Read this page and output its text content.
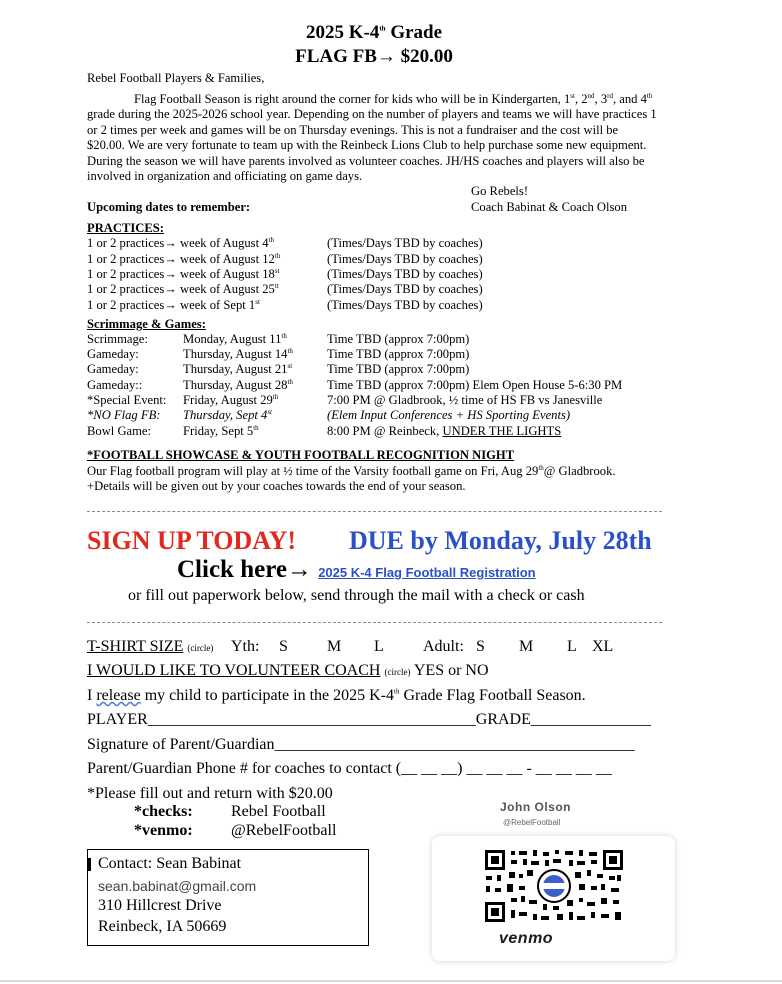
2025 K-4th Grade
FLAG FB→ $20.00
Rebel Football Players & Families,
Flag Football Season is right around the corner for kids who will be in Kindergarten, 1st, 2nd, 3rd, and 4th grade during the 2025-2026 school year. Depending on the number of players and teams we will have practices 1 or 2 times per week and games will be on Thursday evenings. This is not a fundraiser and the cost will be $20.00. We are very fortunate to team up with the Reinbeck Lions Club to help purchase some new equipment. During the season we will have parents involved as volunteer coaches. JH/HS coaches and players will also be involved in organization and officiating on game days.
Go Rebels!
Upcoming dates to remember:	Coach Babinat & Coach Olson
PRACTICES:
1 or 2 practices→ week of August 4th	(Times/Days TBD by coaches)
1 or 2 practices→ week of August 12th	(Times/Days TBD by coaches)
1 or 2 practices→ week of August 18st	(Times/Days TBD by coaches)
1 or 2 practices→ week of August $25^{tt}$	(Times/Days TBD by coaches)
1 or 2 practices→ week of Sept 1st	(Times/Days TBD by coaches)
Scrimmage & Games:
Scrimmage:	Monday, August 11th	Time TBD (approx 7:00pm)
Gameday:	Thursday, August 14th	Time TBD (approx 7:00pm)
Gameday:	Thursday, August 21st	Time TBD (approx 7:00pm)
Gameday::	Thursday, August 28th	Time TBD (approx 7:00pm) Elem Open House 5-6:30 PM
*Special Event: Friday, August 29th	7:00 PM @ Gladbrook, ½ time of HS FB vs Janesville
*NO Flag FB: Thursday, Sept 4st	(Elem Input Conferences + HS Sporting Events)
Bowl Game:	Friday, Sept 5th	8:00 PM @ Reinbeck, UNDER THE LIGHTS
*FOOTBALL SHOWCASE & YOUTH FOOTBALL RECOGNITION NIGHT
Our Flag football program will play at ½ time of the Varsity football game on Fri, Aug 29th@ Gladbrook.
+Details will be given out by your coaches towards the end of your season.
SIGN UP TODAY! DUE by Monday, July 28th
Click here→ 2025 K-4 Flag Football Registration
or fill out paperwork below, send through the mail with a check or cash
T-SHIRT SIZE (circle) Yth: S M L Adult: S M L XL
I WOULD LIKE TO VOLUNTEER COACH (circle) YES or NO
I release my child to participate in the 2025 K-4th Grade Flag Football Season.
PLAYER_________________________________________GRADE_______________
Signature of Parent/Guardian_____________________________________________
Parent/Guardian Phone # for coaches to contact (__ __ __) __ __ __ - __ __ __ __
*Please fill out and return with $20.00
*checks: Rebel Football
*venmo: @RebelFootball
Contact: Sean Babinat
sean.babinat@gmail.com
310 Hillcrest Drive
Reinbeck, IA 50669
John Olson
@RebelFootball
venmo
